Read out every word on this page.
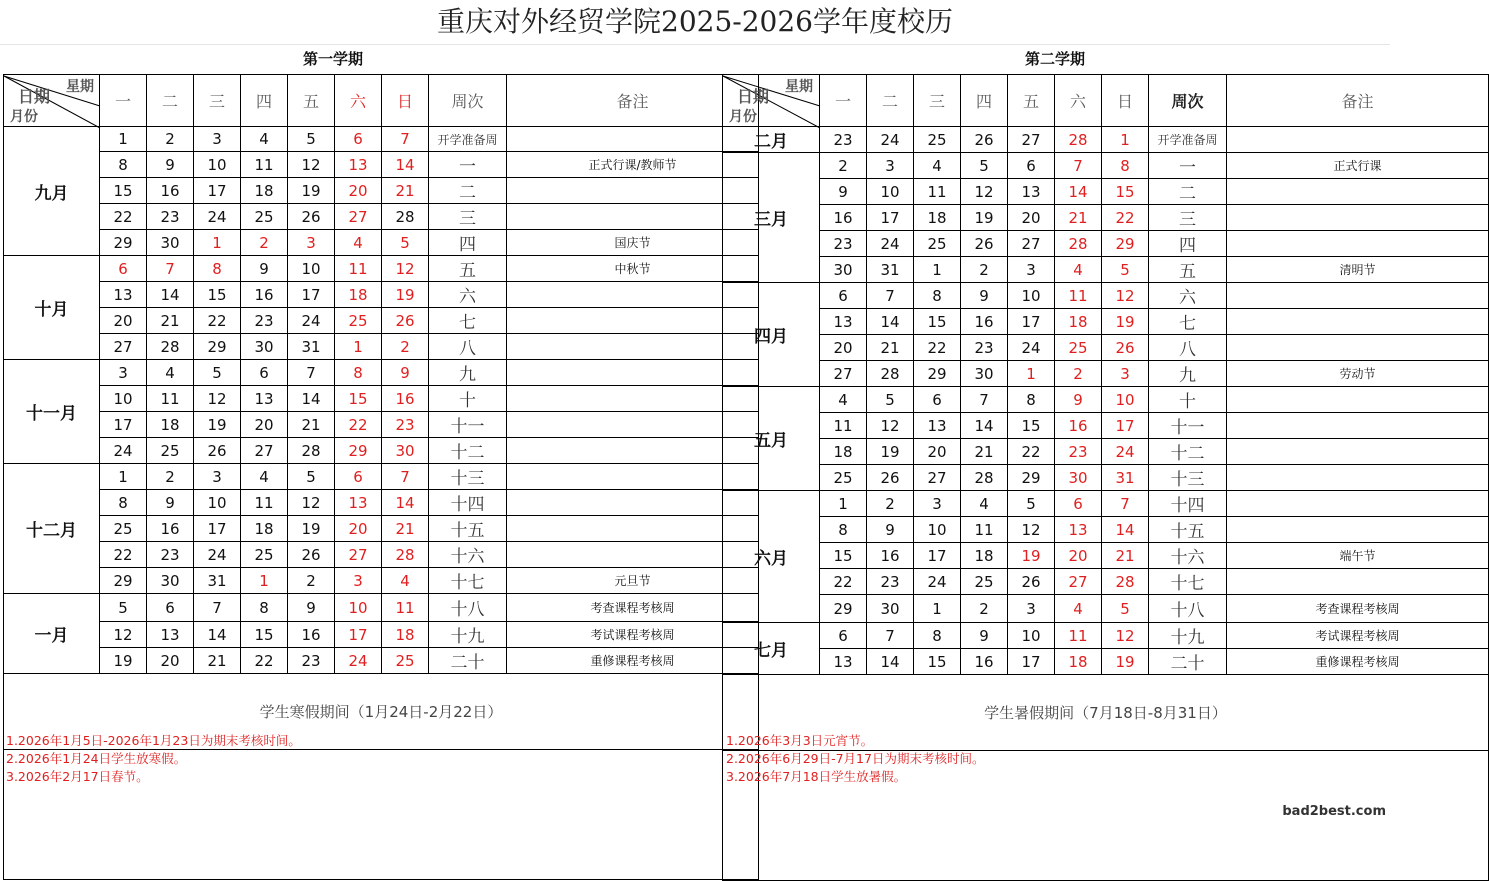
重庆对外经贸学院2025-2026学年度校历
第一学期
日期 星期
月份	一	二	三	四	五	六	日	周次	备注
九月	1	2	3	4	5	6	7	开学准备周	
	8	9	10	11	12	13	14	一	正式行课/教师节
	15	16	17	18	19	20	21	二	
	22	23	24	25	26	27	28	三	
	29	30	1	2	3	4	5	四	国庆节
十月	6	7	8	9	10	11	12	五	中秋节
	13	14	15	16	17	18	19	六	
	20	21	22	23	24	25	26	七	
	27	28	29	30	31	1	2	八	
十一月	3	4	5	6	7	8	9	九	
	10	11	12	13	14	15	16	十	
	17	18	19	20	21	22	23	十一	
	24	25	26	27	28	29	30	十二	
十二月	1	2	3	4	5	6	7	十三	
	8	9	10	11	12	13	14	十四	
	25	16	17	18	19	20	21	十五	
	22	23	24	25	26	27	28	十六	
	29	30	31	1	2	3	4	十七	元旦节
一月	5	6	7	8	9	10	11	十八	考查课程考核周
	12	13	14	15	16	17	18	十九	考试课程考核周
	19	20	21	22	23	24	25	二十	重修课程考核周
学生寒假期间（1月24日-2月22日）									

1.2026年1月5日-2026年1月23日为期末考核时间。
2.2026年1月24日学生放寒假。
3.2026年2月17日春节。
第二学期
日期 星期
月份	一	二	三	四	五	六	日	周次	备注
二月	23	24	25	26	27	28	1	开学准备周	
三月	2	3	4	5	6	7	8	一	正式行课
	9	10	11	12	13	14	15	二	
	16	17	18	19	20	21	22	三	
	23	24	25	26	27	28	29	四	
	30	31	1	2	3	4	5	五	清明节
四月	6	7	8	9	10	11	12	六	
	13	14	15	16	17	18	19	七	
	20	21	22	23	24	25	26	八	
	27	28	29	30	1	2	3	九	劳动节
五月	4	5	6	7	8	9	10	十	
	11	12	13	14	15	16	17	十一	
	18	19	20	21	22	23	24	十二	
	25	26	27	28	29	30	31	十三	
六月	1	2	3	4	5	6	7	十四	
	8	9	10	11	12	13	14	十五	
	15	16	17	18	19	20	21	十六	端午节
	22	23	24	25	26	27	28	十七	
	29	30	1	2	3	4	5	十八	考查课程考核周
七月	6	7	8	9	10	11	12	十九	考试课程考核周
	13	14	15	16	17	18	19	二十	重修课程考核周
学生暑假期间（7月18日-8月31日）									

1.2026年3月3日元宵节。
2.2026年6月29日-7月17日为期末考核时间。
3.2026年7月18日学生放暑假。
bad2best.com
